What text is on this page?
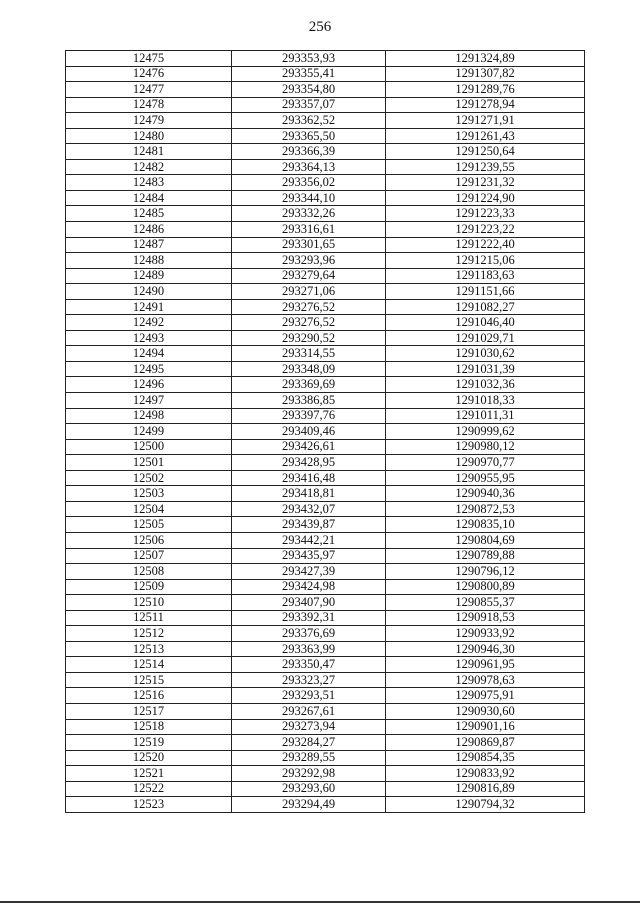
256
12475	293353,93	1291324,89
12476	293355,41	1291307,82
12477	293354,80	1291289,76
12478	293357,07	1291278,94
12479	293362,52	1291271,91
12480	293365,50	1291261,43
12481	293366,39	1291250,64
12482	293364,13	1291239,55
12483	293356,02	1291231,32
12484	293344,10	1291224,90
12485	293332,26	1291223,33
12486	293316,61	1291223,22
12487	293301,65	1291222,40
12488	293293,96	1291215,06
12489	293279,64	1291183,63
12490	293271,06	1291151,66
12491	293276,52	1291082,27
12492	293276,52	1291046,40
12493	293290,52	1291029,71
12494	293314,55	1291030,62
12495	293348,09	1291031,39
12496	293369,69	1291032,36
12497	293386,85	1291018,33
12498	293397,76	1291011,31
12499	293409,46	1290999,62
12500	293426,61	1290980,12
12501	293428,95	1290970,77
12502	293416,48	1290955,95
12503	293418,81	1290940,36
12504	293432,07	1290872,53
12505	293439,87	1290835,10
12506	293442,21	1290804,69
12507	293435,97	1290789,88
12508	293427,39	1290796,12
12509	293424,98	1290800,89
12510	293407,90	1290855,37
12511	293392,31	1290918,53
12512	293376,69	1290933,92
12513	293363,99	1290946,30
12514	293350,47	1290961,95
12515	293323,27	1290978,63
12516	293293,51	1290975,91
12517	293267,61	1290930,60
12518	293273,94	1290901,16
12519	293284,27	1290869,87
12520	293289,55	1290854,35
12521	293292,98	1290833,92
12522	293293,60	1290816,89
12523	293294,49	1290794,32
